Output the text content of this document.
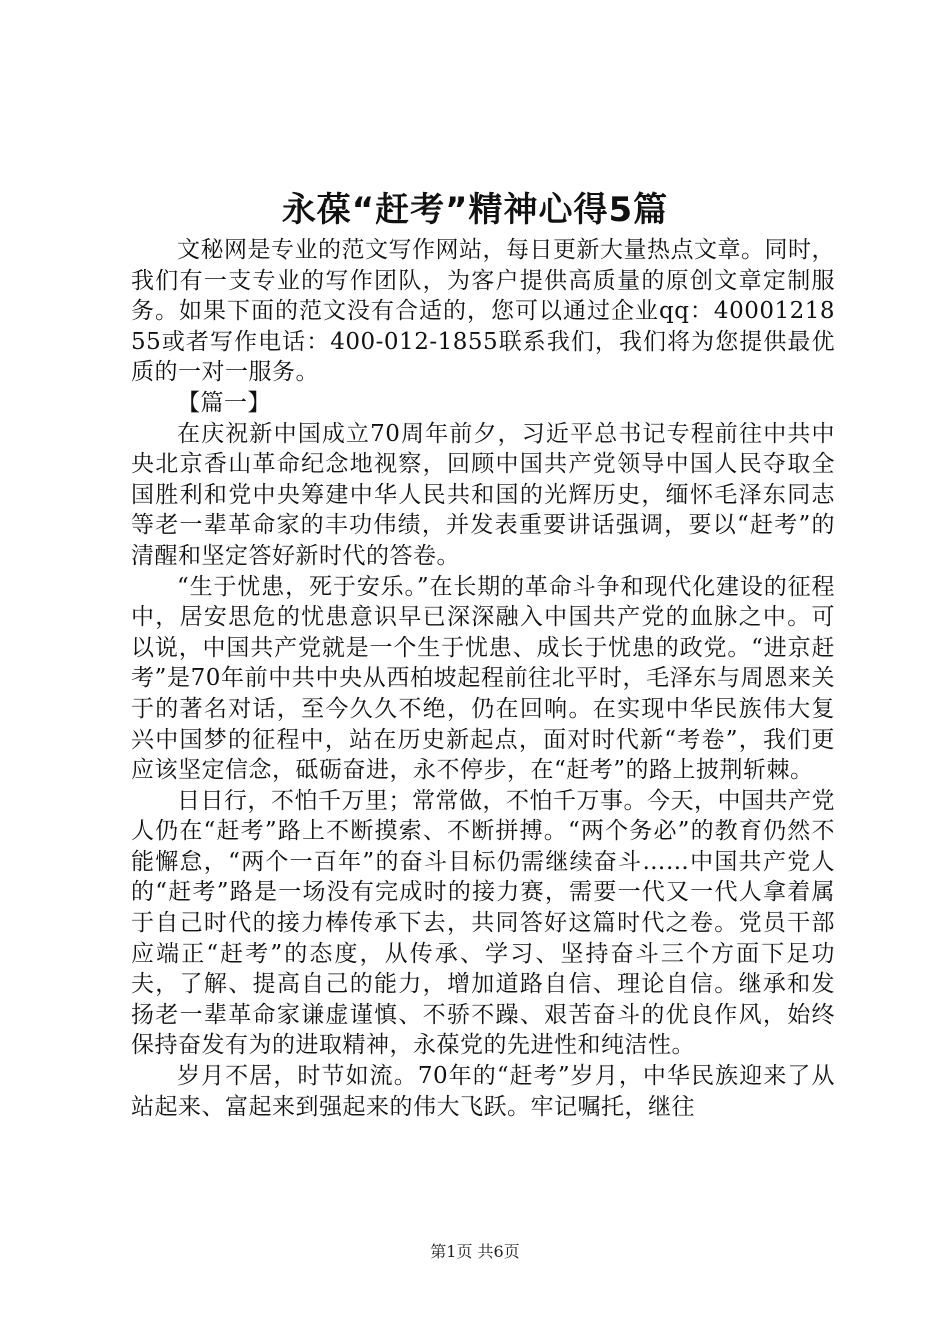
永葆“赶考”精神心得5篇

文秘网是专业的范文写作网站，每日更新大量热点文章。同时，我们有一支专业的写作团队，为客户提供高质量的原创文章定制服务。如果下面的范文没有合适的，您可以通过企业qq：4000121855或者写作电话：400-012-1855联系我们，我们将为您提供最优质的一对一服务。

【篇一】

在庆祝新中国成立70周年前夕，习近平总书记专程前往中共中央北京香山革命纪念地视察，回顾中国共产党领导中国人民夺取全国胜利和党中央筹建中华人民共和国的光辉历史，缅怀毛泽东同志等老一辈革命家的丰功伟绩，并发表重要讲话强调，要以“赶考”的清醒和坚定答好新时代的答卷。

“生于忧患，死于安乐。”在长期的革命斗争和现代化建设的征程中，居安思危的忧患意识早已深深融入中国共产党的血脉之中。可以说，中国共产党就是一个生于忧患、成长于忧患的政党。“进京赶考”是70年前中共中央从西柏坡起程前往北平时，毛泽东与周恩来关于的著名对话，至今久久不绝，仍在回响。在实现中华民族伟大复兴中国梦的征程中，站在历史新起点，面对时代新“考卷”，我们更应该坚定信念，砥砺奋进，永不停步，在“赶考”的路上披荆斩棘。

日日行，不怕千万里；常常做，不怕千万事。今天，中国共产党人仍在“赶考”路上不断摸索、不断拼搏。“两个务必”的教育仍然不能懈怠，“两个一百年”的奋斗目标仍需继续奋斗……中国共产党人的“赶考”路是一场没有完成时的接力赛，需要一代又一代人拿着属于自己时代的接力棒传承下去，共同答好这篇时代之卷。党员干部应端正“赶考”的态度，从传承、学习、坚持奋斗三个方面下足功夫，了解、提高自己的能力，增加道路自信、理论自信。继承和发扬老一辈革命家谦虚谨慎、不骄不躁、艰苦奋斗的优良作风，始终保持奋发有为的进取精神，永葆党的先进性和纯洁性。

岁月不居，时节如流。70年的“赶考”岁月，中华民族迎来了从站起来、富起来到强起来的伟大飞跃。牢记嘱托，继往

第1页 共6页
